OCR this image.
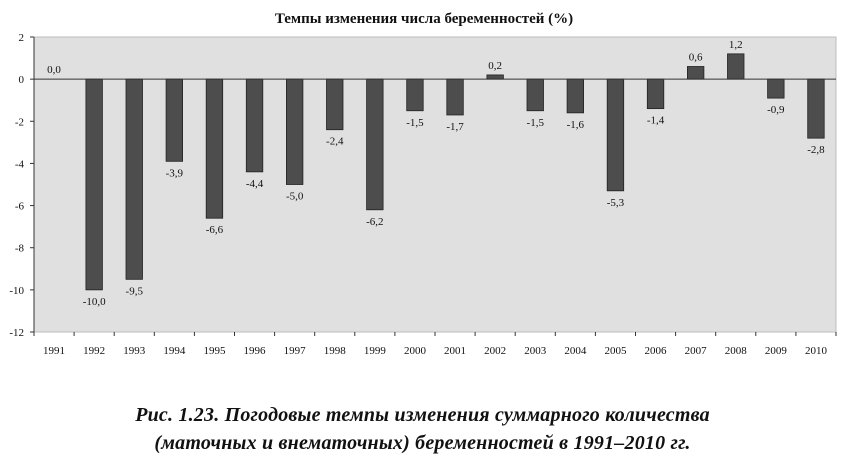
Темпы изменения числа беременностей (%)
2
0
-2
-4
-6
-8
-10
-12
0,0
-10,0
-9,5
-3,9
-6,6
-4,4
-5,0
-2,4
-6,2
-1,5 -1,7
0,2
-1,5 -1,6
-5,3
-1,4
0,6
1,2
-0,9
-2,8
1991 1992 1993 1994 1995 1996 1997 1998 1999 2000 2001 2002 2003 2004 2005 2006 2007 2008 2009 2010
Рис. 1.23. Погодовые темпы изменения суммарного количества
(маточных и внематочных) беременностей в 1991–2010 гг.
